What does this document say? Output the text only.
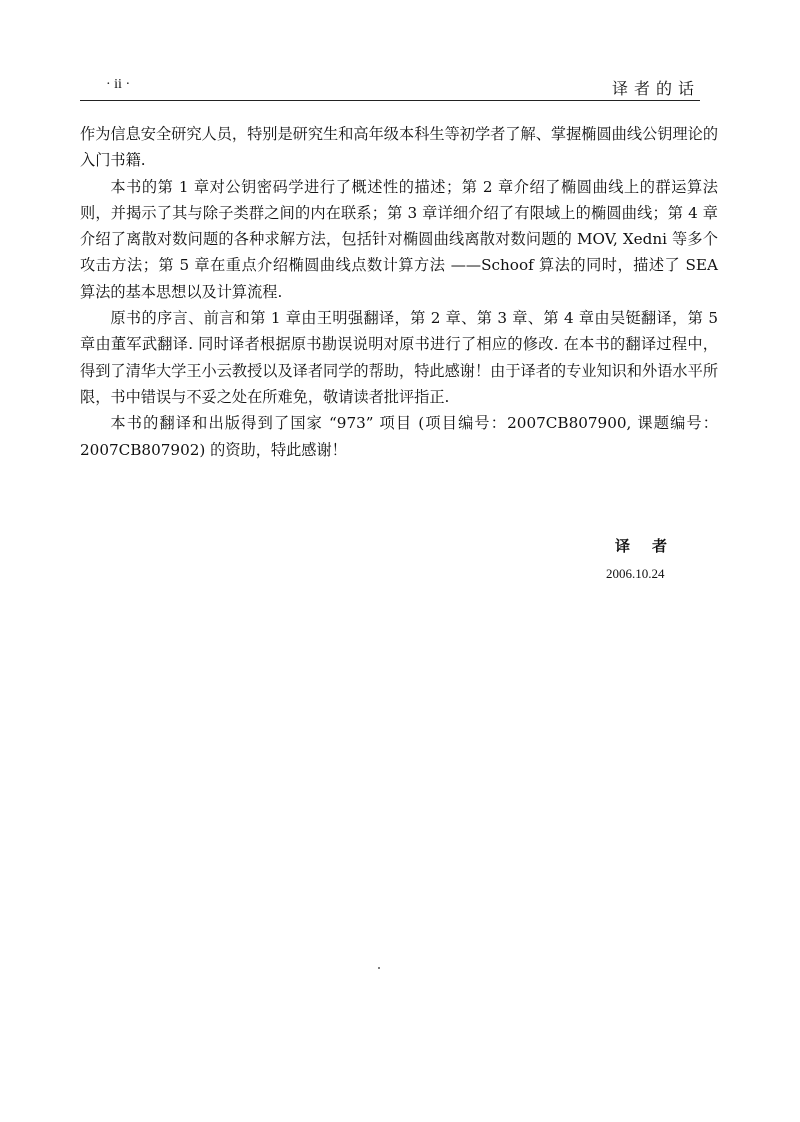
· ii ·	译者的话

作为信息安全研究人员，特别是研究生和高年级本科生等初学者了解、掌握椭圆曲线公钥理论的入门书籍.

本书的第 1 章对公钥密码学进行了概述性的描述；第 2 章介绍了椭圆曲线上的群运算法则，并揭示了其与除子类群之间的内在联系；第 3 章详细介绍了有限域上的椭圆曲线；第 4 章介绍了离散对数问题的各种求解方法，包括针对椭圆曲线离散对数问题的 MOV, Xedni 等多个攻击方法；第 5 章在重点介绍椭圆曲线点数计算方法 ——Schoof 算法的同时，描述了 SEA 算法的基本思想以及计算流程.

原书的序言、前言和第 1 章由王明强翻译，第 2 章、第 3 章、第 4 章由吴铤翻译，第 5 章由董军武翻译. 同时译者根据原书勘误说明对原书进行了相应的修改. 在本书的翻译过程中，得到了清华大学王小云教授以及译者同学的帮助，特此感谢！由于译者的专业知识和外语水平所限，书中错误与不妥之处在所难免，敬请读者批评指正.

本书的翻译和出版得到了国家 “973” 项目 (项目编号：2007CB807900, 课题编号：2007CB807902) 的资助，特此感谢！

译者
2006.10.24
